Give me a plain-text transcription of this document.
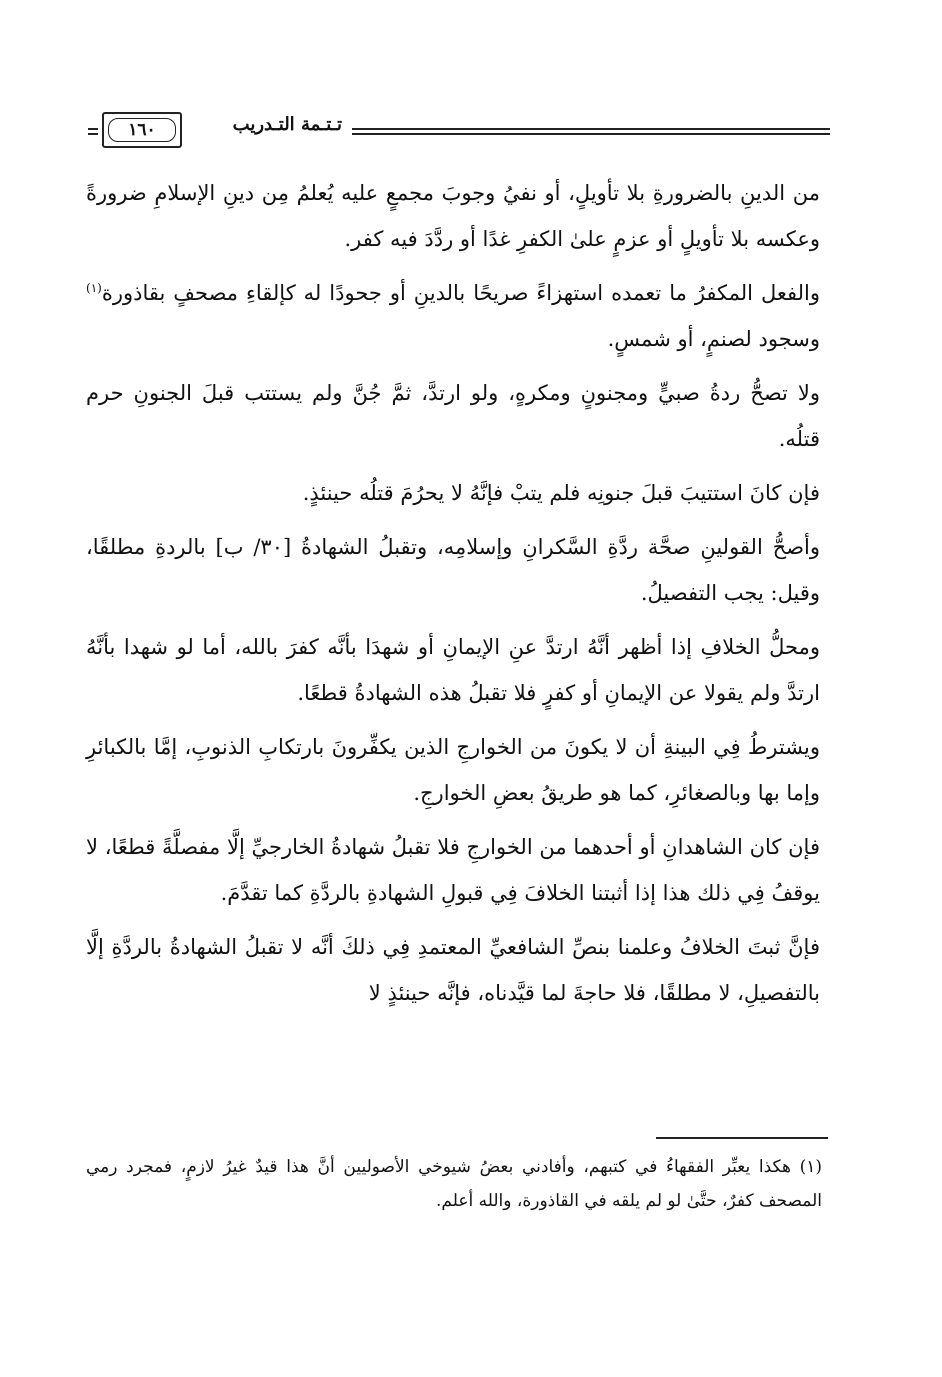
١٦٠	تـتـمة التـدريب

من الدينِ بالضرورةِ بلا تأويلٍ، أو نفيُ وجوبَ مجمعٍ عليه يُعلمُ مِن دينِ الإسلامِ ضرورةً وعكسه بلا تأويلٍ أو عزمٍ علىٰ الكفرِ غدًا أو ردَّدَ فيه كفر.

والفعل المكفرُ ما تعمده استهزاءً صريحًا بالدينِ أو جحودًا له كإلقاءِ مصحفٍ بقاذورة$^{(١)}$ وسجود لصنمٍ، أو شمسٍ.

ولا تصحُّ ردةُ صبيٍّ ومجنونٍ ومكرهٍ، ولو ارتدَّ، ثمَّ جُنَّ ولم يستتب قبلَ الجنونِ حرم قتلُه.

فإن كانَ استتيبَ قبلَ جنونِه فلم يتبْ فإنَّهُ لا يحرُمَ قتلُه حينئذٍ.

وأصحُّ القولينِ صحَّة ردَّةِ السَّكرانِ وإسلامِه، وتقبلُ الشهادةُ [٣٠/ ب] بالردةِ مطلقًا، وقيل: يجب التفصيلُ.

ومحلُّ الخلافِ إذا أظهر أنَّهُ ارتدَّ عنِ الإيمانِ أو شهدَا بأنَّه كفرَ بالله، أما لو شهدا بأنَّهُ ارتدَّ ولم يقولا عن الإيمانِ أو كفرٍ فلا تقبلُ هذه الشهادةُ قطعًا.

ويشترطُ فِي البينةِ أن لا يكونَ من الخوارجِ الذين يكفِّرونَ بارتكابِ الذنوبِ، إمَّا بالكبائرِ وإما بها وبالصغائرِ، كما هو طريقُ بعضِ الخوارجِ.

فإن كان الشاهدانِ أو أحدهما من الخوارجِ فلا تقبلُ شهادةُ الخارجيِّ إلَّا مفصلَّةً قطعًا، لا يوقفُ فِي ذلك هذا إذا أثبتنا الخلافَ فِي قبولِ الشهادةِ بالردَّةِ كما تقدَّمَ.

فإنَّ ثبتَ الخلافُ وعلمنا بنصِّ الشافعيِّ المعتمدِ فِي ذلكَ أنَّه لا تقبلُ الشهادةُ بالردَّةِ إلَّا بالتفصيلِ، لا مطلقًا، فلا حاجةَ لما قيَّدناه، فإنَّه حينئذٍ لا

(١) هكذا يعبِّر الفقهاءُ في كتبهم، وأفادني بعضُ شيوخي الأصوليين أنَّ هذا قيدٌ غيرُ لازمٍ، فمجرد رمي المصحف كفرٌ، حتَّىٰ لو لم يلقه في القاذورة، والله أعلم.
